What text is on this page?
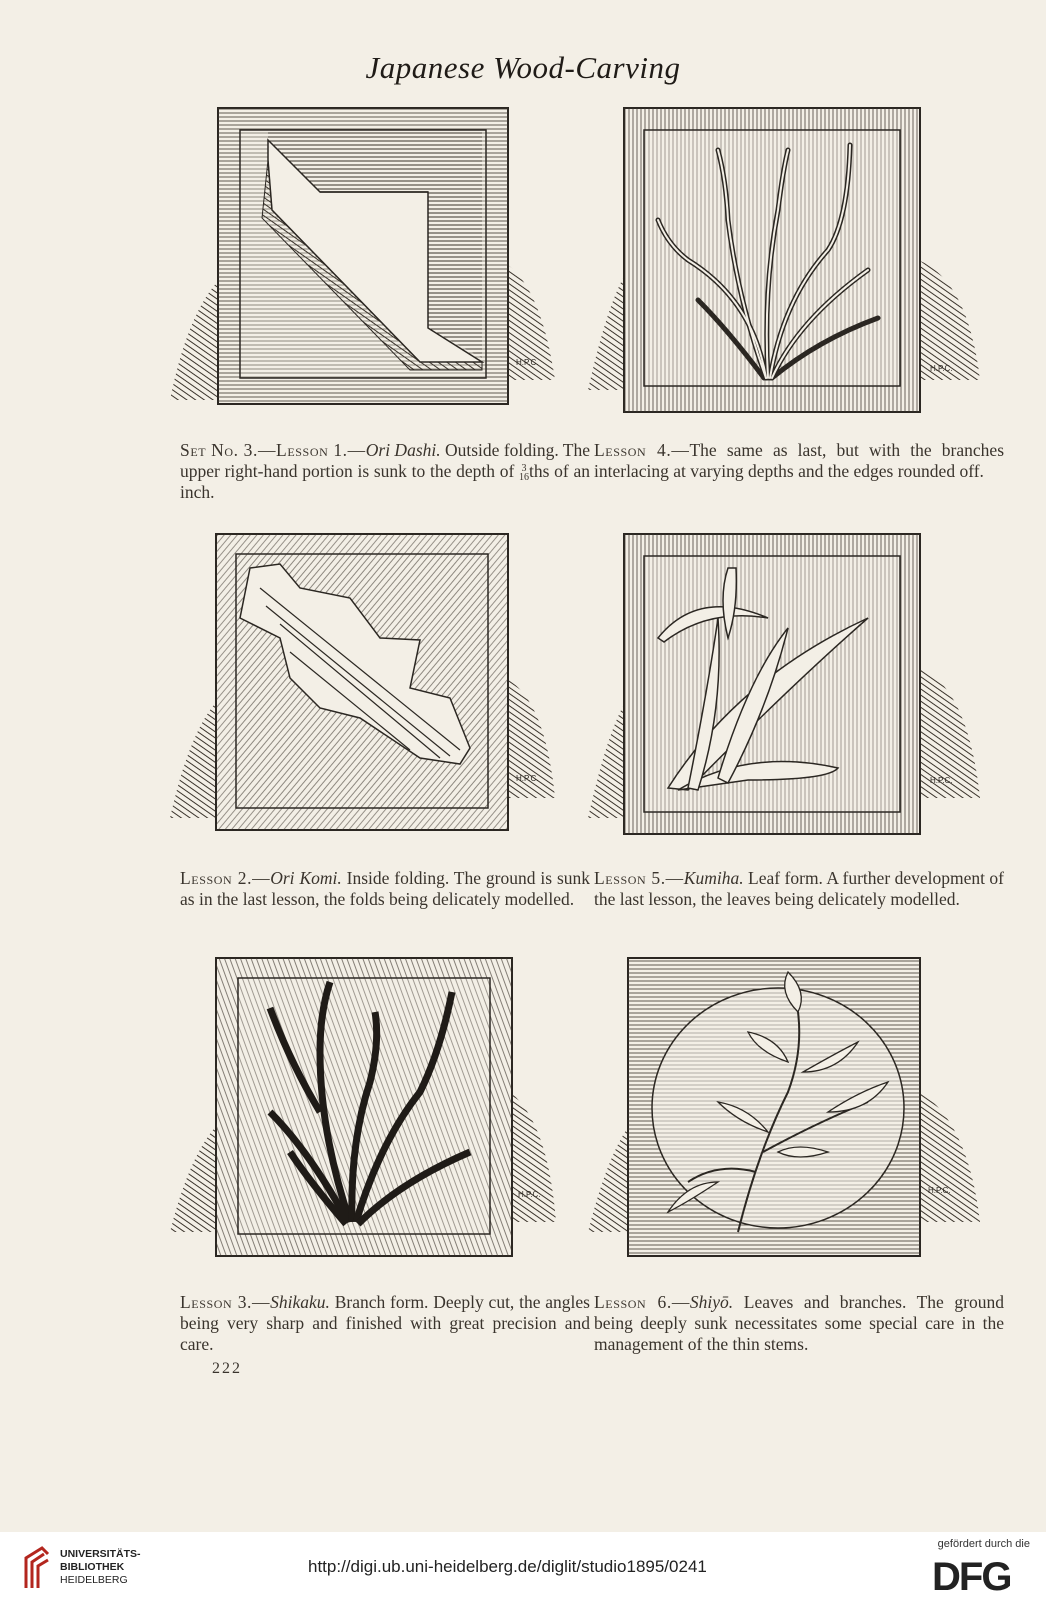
Japanese Wood-Carving
H.P.C.
H.P.C.
Set No. 3.—Lesson 1.—Ori Dashi. Outside folding. The upper right-hand portion is sunk to the depth of 3
16 ths of an inch.
Lesson 4.—The same as last, but with the branches interlacing at varying depths and the edges rounded off.
H.P.C.	H.P.C.
Lesson 2.—Ori Komi. Inside folding. The ground is sunk as in the last lesson, the folds being delicately modelled.
Lesson 5.—Kumiha. Leaf form. A further development of the last lesson, the leaves being delicately modelled.
H.P.C.	H.P.C.
Lesson 3.—Shikaku. Branch form. Deeply cut, the angles being very sharp and finished with great precision and care.
Lesson 6.—Shiyō. Leaves and branches. The ground being deeply sunk necessitates some special care in the management of the thin stems.
222
UNIVERSITÄTS-
BIBLIOTHEK
HEIDELBERG
http://digi.ub.uni-heidelberg.de/diglit/studio1895/0241
gefördert durch die
DFG
